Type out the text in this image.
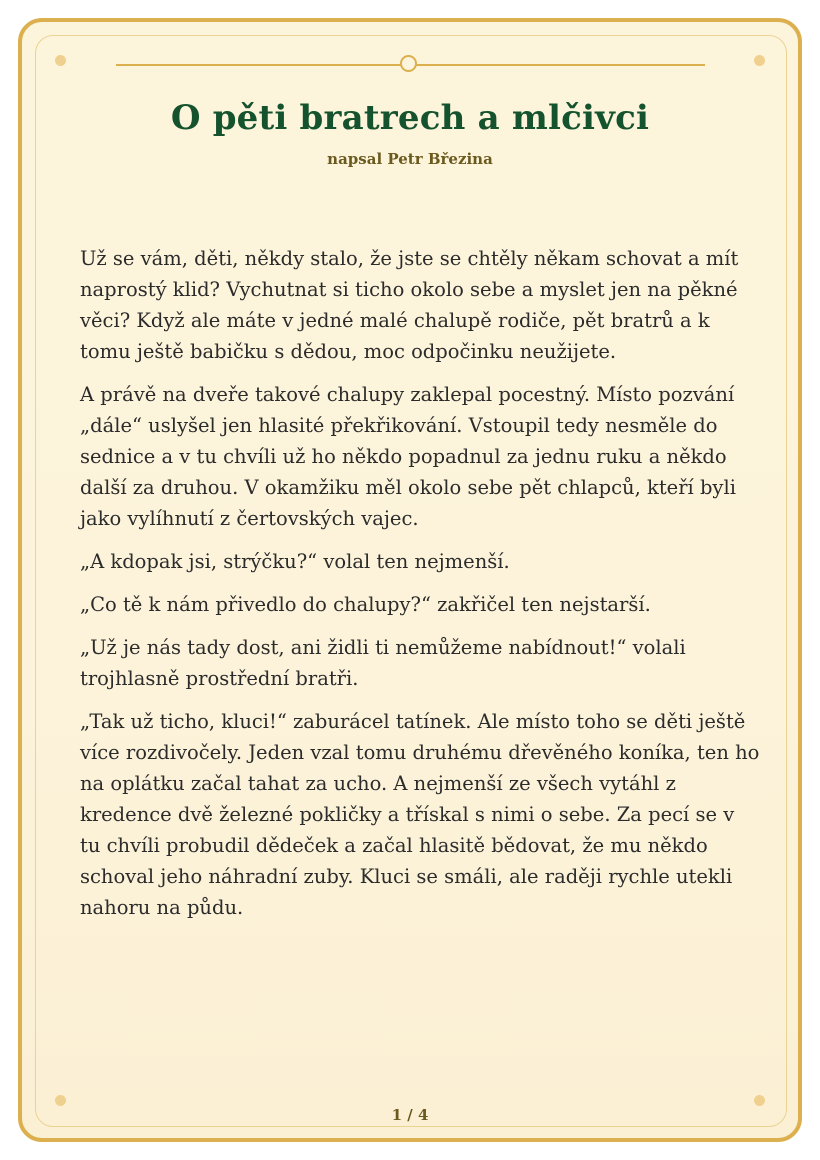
O pěti bratrech a mlčivci
napsal Petr Březina

Už se vám, děti, někdy stalo, že jste se chtěly někam schovat a mít naprostý klid? Vychutnat si ticho okolo sebe a myslet jen na pěkné věci? Když ale máte v jedné malé chalupě rodiče, pět bratrů a k tomu ještě babičku s dědou, moc odpočinku neužijete.

A právě na dveře takové chalupy zaklepal pocestný. Místo pozvání „dále“ uslyšel jen hlasité překřikování. Vstoupil tedy nesměle do sednice a v tu chvíli už ho někdo popadnul za jednu ruku a někdo další za druhou. V okamžiku měl okolo sebe pět chlapců, kteří byli jako vylíhnutí z čertovských vajec.

„A kdopak jsi, strýčku?“ volal ten nejmenší.

„Co tě k nám přivedlo do chalupy?“ zakřičel ten nejstarší.

„Už je nás tady dost, ani židli ti nemůžeme nabídnout!“ volali trojhlasně prostřední bratři.

„Tak už ticho, kluci!“ zaburácel tatínek. Ale místo toho se děti ještě více rozdivočely. Jeden vzal tomu druhému dřevěného koníka, ten ho na oplátku začal tahat za ucho. A nejmenší ze všech vytáhl z kredence dvě železné pokličky a třískal s nimi o sebe. Za pecí se v tu chvíli probudil dědeček a začal hlasitě bědovat, že mu někdo schoval jeho náhradní zuby. Kluci se smáli, ale raději rychle utekli nahoru na půdu.

1 / 4
